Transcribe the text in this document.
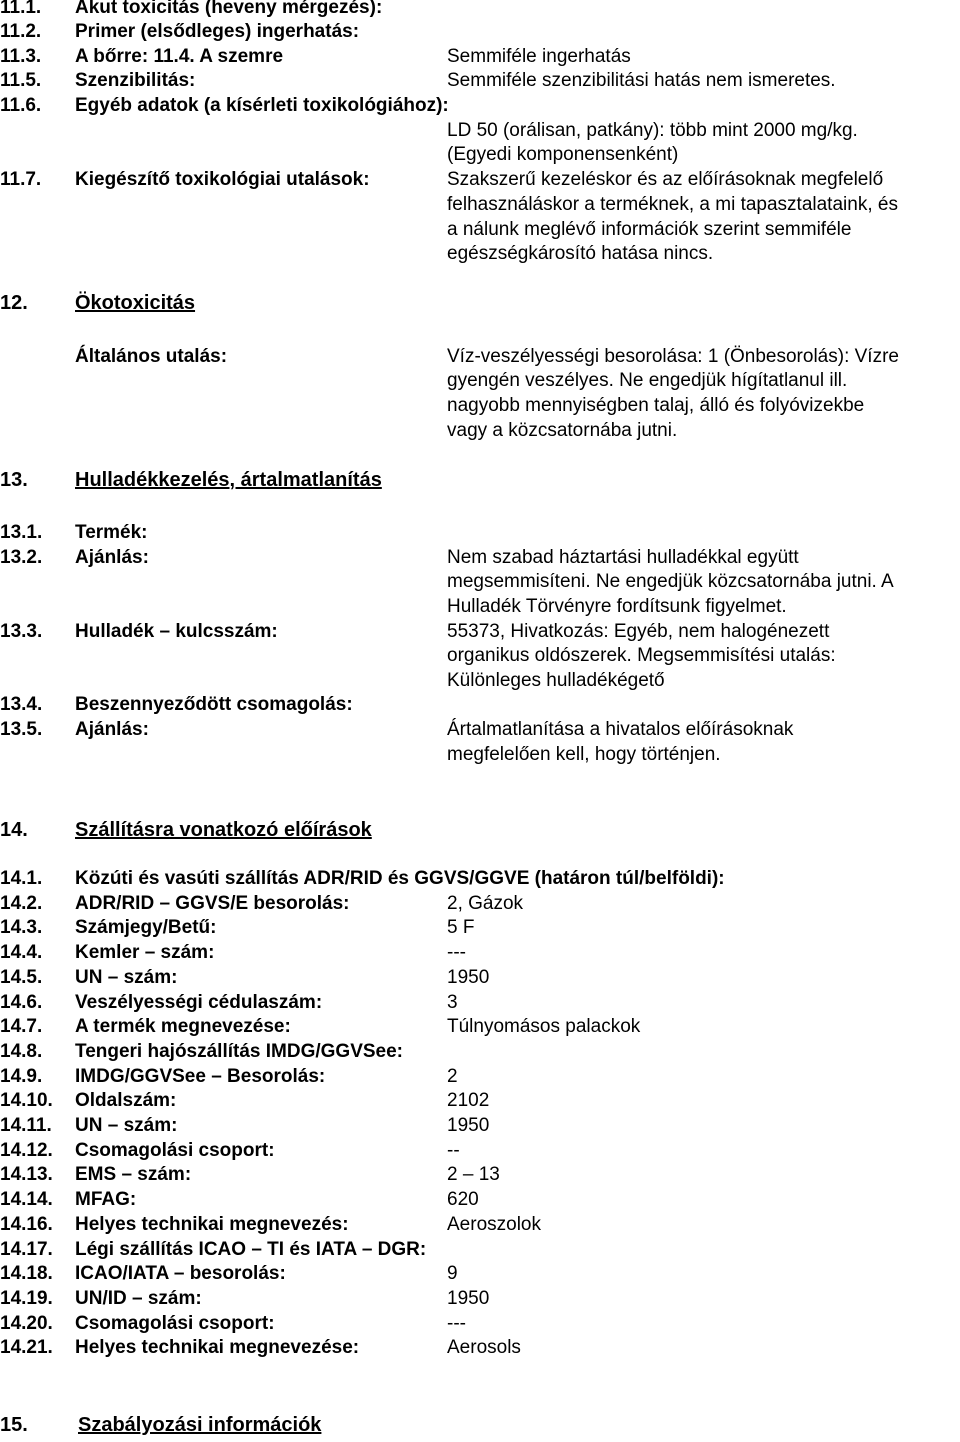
11.1. Akut toxicitás (heveny mérgezés):
11.2. Primer (elsődleges) ingerhatás:
11.3. A bőrre: 11.4. A szemre	Semmiféle ingerhatás
11.5. Szenzibilitás:	Semmiféle szenzibilitási hatás nem ismeretes.
11.6. Egyéb adatok (a kísérleti toxikológiához):
LD 50 (orálisan, patkány): több mint 2000 mg/kg.
(Egyedi komponensenként)
11.7. Kiegészítő toxikológiai utalások:	Szakszerű kezeléskor és az előírásoknak megfelelő
felhasználáskor a terméknek, a mi tapasztalataink, és
a nálunk meglévő információk szerint semmiféle
egészségkárosító hatása nincs.
12. Ökotoxicitás
Általános utalás:	Víz-veszélyességi besorolása: 1 (Önbesorolás): Vízre
gyengén veszélyes. Ne engedjük hígítatlanul ill.
nagyobb mennyiségben talaj, álló és folyóvizekbe
vagy a közcsatornába jutni.
13. Hulladékkezelés, ártalmatlanítás
13.1. Termék:
13.2. Ajánlás:	Nem szabad háztartási hulladékkal együtt
megsemmisíteni. Ne engedjük közcsatornába jutni. A
Hulladék Törvényre fordítsunk figyelmet.
13.3. Hulladék – kulcsszám:	55373, Hivatkozás: Egyéb, nem halogénezett
organikus oldószerek. Megsemmisítési utalás:
Különleges hulladékégető
13.4. Beszennyeződött csomagolás:
13.5. Ajánlás:	Ártalmatlanítása a hivatalos előírásoknak
megfelelően kell, hogy történjen.
14. Szállításra vonatkozó előírások
14.1. Közúti és vasúti szállítás ADR/RID és GGVS/GGVE (határon túl/belföldi):
14.2. ADR/RID – GGVS/E besorolás:	2, Gázok
14.3. Számjegy/Betű:	5 F
14.4. Kemler – szám:	---
14.5. UN – szám:	1950
14.6. Veszélyességi cédulaszám:	3
14.7. A termék megnevezése:	Túlnyomásos palackok
14.8. Tengeri hajószállítás IMDG/GGVSee:
14.9. IMDG/GGVSee – Besorolás:	2
14.10. Oldalszám:	2102
14.11. UN – szám:	1950
14.12. Csomagolási csoport:	--
14.13. EMS – szám:	2 – 13
14.14. MFAG:	620
14.16. Helyes technikai megnevezés:	Aeroszolok
14.17. Légi szállítás ICAO – TI és IATA – DGR:
14.18. ICAO/IATA – besorolás:	9
14.19. UN/ID – szám:	1950
14.20. Csomagolási csoport:	---
14.21. Helyes technikai megnevezése:	Aerosols
15.	Szabályozási információk
